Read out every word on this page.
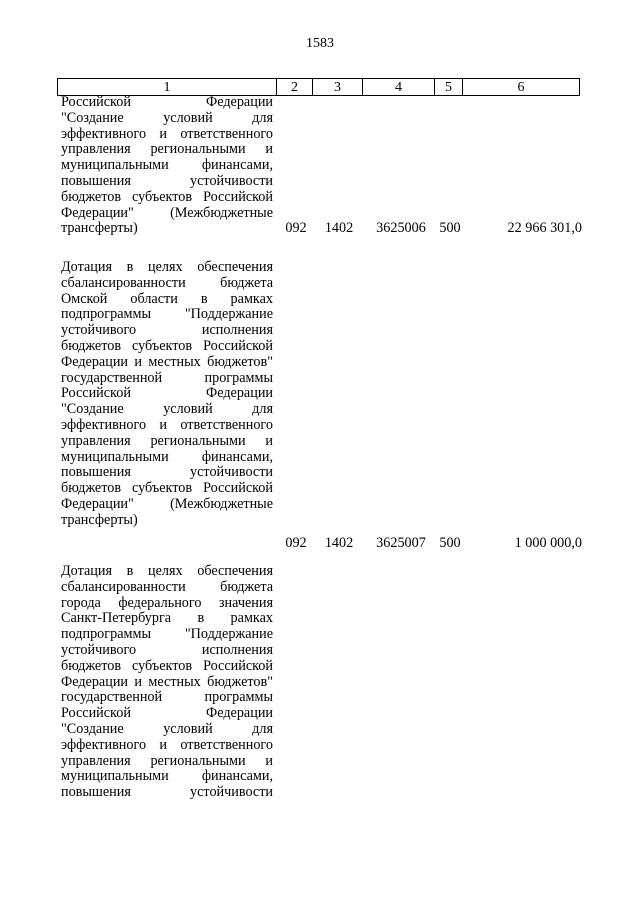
1583
1	2	3	4	5	6
Российской Федерации
"Создание условий для
эффективного и ответственного
управления региональными и
муниципальными финансами,
повышения устойчивости
бюджетов субъектов Российской
Федерации" (Межбюджетные
трансферты)	092	1402	3625006 500	22 966 301,0
Дотация в целях обеспечения
сбалансированности бюджета
Омской области в рамках
подпрограммы "Поддержание
устойчивого исполнения
бюджетов субъектов Российской
Федерации и местных бюджетов"
государственной программы
Российской Федерации
"Создание условий для
эффективного и ответственного
управления региональными и
муниципальными финансами,
повышения устойчивости
бюджетов субъектов Российской
Федерации" (Межбюджетные
трансферты)
092	1402	3625007 500	1 000 000,0
Дотация в целях обеспечения
сбалансированности бюджета
города федерального значения
Санкт-Петербурга в рамках
подпрограммы "Поддержание
устойчивого исполнения
бюджетов субъектов Российской
Федерации и местных бюджетов"
государственной программы
Российской Федерации
"Создание условий для
эффективного и ответственного
управления региональными и
муниципальными финансами,
повышения устойчивости
